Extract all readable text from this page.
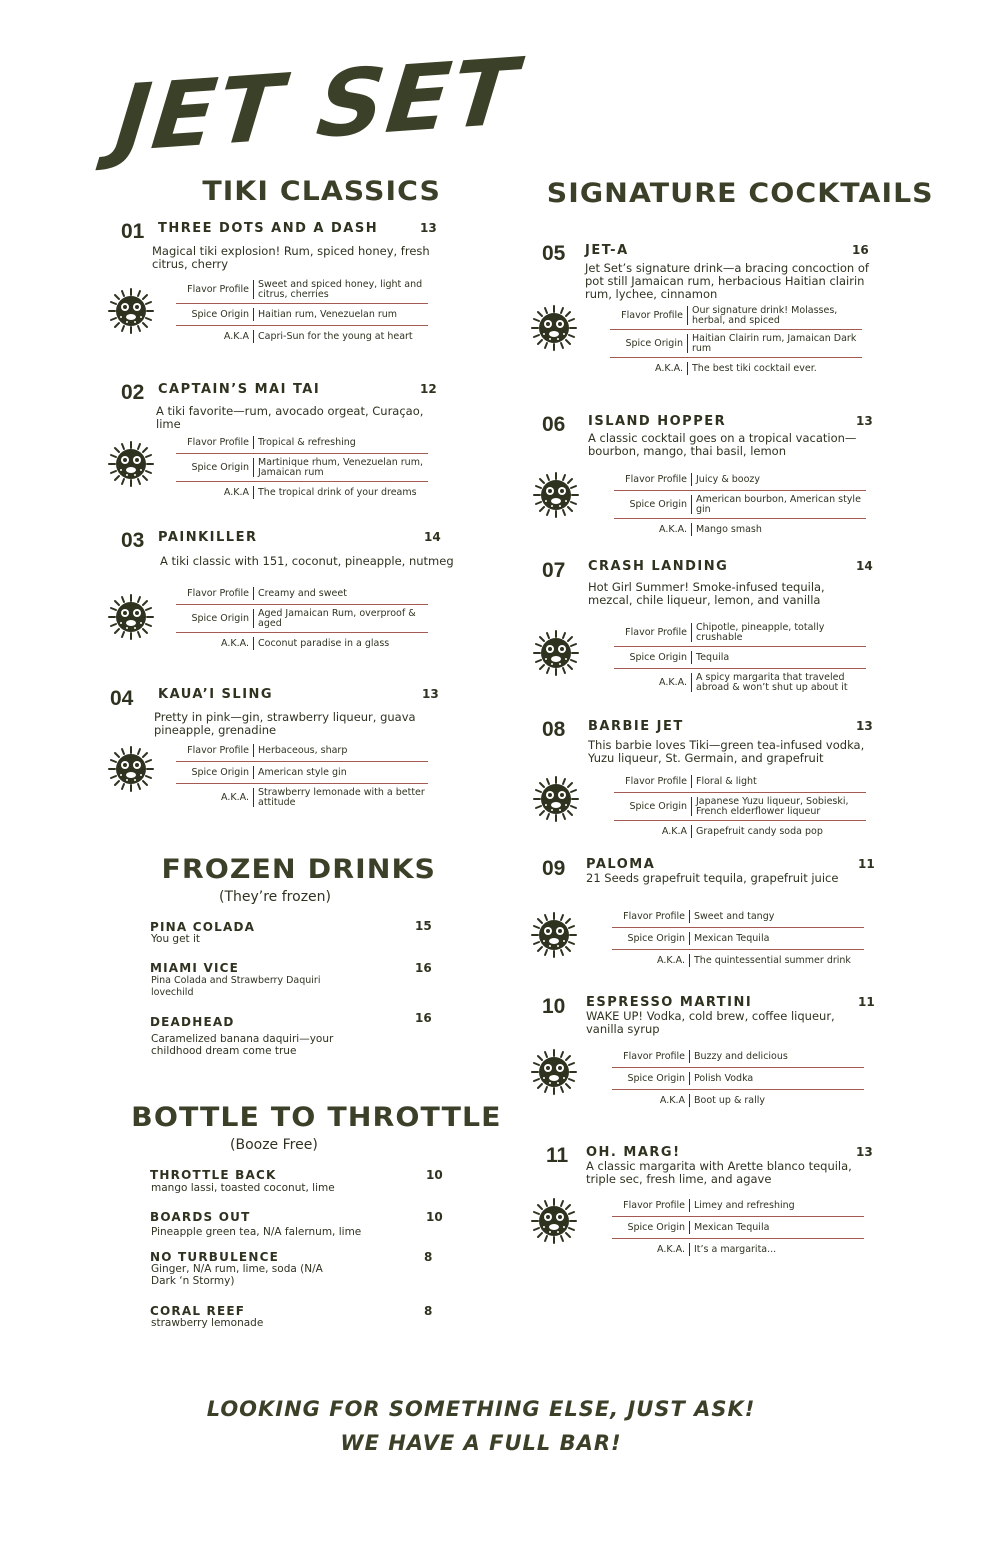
JET SET
TIKI CLASSICS	SIGNATURE COCKTAILS
01 THREE DOTS AND A DASH	13
Magical tiki explosion! Rum, spiced honey, fresh citrus, cherry
Flavor Profile Sweet and spiced honey, light and citrus, cherries
Spice Origin Haitian rum, Venezuelan rum
A.K.A Capri-Sun for the young at heart
02 CAPTAIN’S MAI TAI	12
A tiki favorite—rum, avocado orgeat, Curaçao, lime
Flavor Profile Tropical & refreshing
Spice Origin Martinique rhum, Venezuelan rum, Jamaican rum
A.K.A The tropical drink of your dreams
03 PAINKILLER	14
A tiki classic with 151, coconut, pineapple, nutmeg
Flavor Profile Creamy and sweet
Spice Origin Aged Jamaican Rum, overproof & aged
A.K.A. Coconut paradise in a glass
04 KAUA’I SLING	13
Pretty in pink—gin, strawberry liqueur, guava pineapple, grenadine
Flavor Profile Herbaceous, sharp
Spice Origin American style gin
A.K.A. Strawberry lemonade with a better attitude
FROZEN DRINKS
(They’re frozen)
PINA COLADA	15
You get it
MIAMI VICE	16
Pina Colada and Strawberry Daquiri lovechild
DEADHEAD	16
Caramelized banana daquiri—your childhood dream come true
BOTTLE TO THROTTLE
(Booze Free)
THROTTLE BACK	10
mango lassi, toasted coconut, lime
BOARDS OUT	10
Pineapple green tea, N/A falernum, lime
NO TURBULENCE	8
Ginger, N/A rum, lime, soda (N/A Dark ‘n Stormy)
CORAL REEF	8
strawberry lemonade
05 JET-A	16
Jet Set’s signature drink—a bracing concoction of pot still Jamaican rum, herbacious Haitian clairin rum, lychee, cinnamon
Flavor Profile Our signature drink! Molasses, herbal, and spiced
Spice Origin Haitian Clairin rum, Jamaican Dark rum
A.K.A. The best tiki cocktail ever.
06 ISLAND HOPPER	13
A classic cocktail goes on a tropical vacation—bourbon, mango, thai basil, lemon
Flavor Profile Juicy & boozy
Spice Origin American bourbon, American style gin
A.K.A. Mango smash
07 CRASH LANDING	14
Hot Girl Summer! Smoke-infused tequila, mezcal, chile liqueur, lemon, and vanilla
Flavor Profile Chipotle, pineapple, totally crushable
Spice Origin Tequila
A.K.A. A spicy margarita that traveled abroad & won’t shut up about it
08 BARBIE JET	13
This barbie loves Tiki—green tea-infused vodka, Yuzu liqueur, St. Germain, and grapefruit
Flavor Profile Floral & light
Spice Origin Japanese Yuzu liqueur, Sobieski, French elderflower liqueur
A.K.A Grapefruit candy soda pop
09 PALOMA	11
21 Seeds grapefruit tequila, grapefruit juice
Flavor Profile Sweet and tangy
Spice Origin Mexican Tequila
A.K.A. The quintessential summer drink
10 ESPRESSO MARTINI	11
WAKE UP! Vodka, cold brew, coffee liqueur, vanilla syrup
Flavor Profile Buzzy and delicious
Spice Origin Polish Vodka
A.K.A Boot up & rally
11 OH. MARG!	13
A classic margarita with Arette blanco tequila, triple sec, fresh lime, and agave
Flavor Profile Limey and refreshing
Spice Origin Mexican Tequila
A.K.A. It’s a margarita...
LOOKING FOR SOMETHING ELSE, JUST ASK!
WE HAVE A FULL BAR!
